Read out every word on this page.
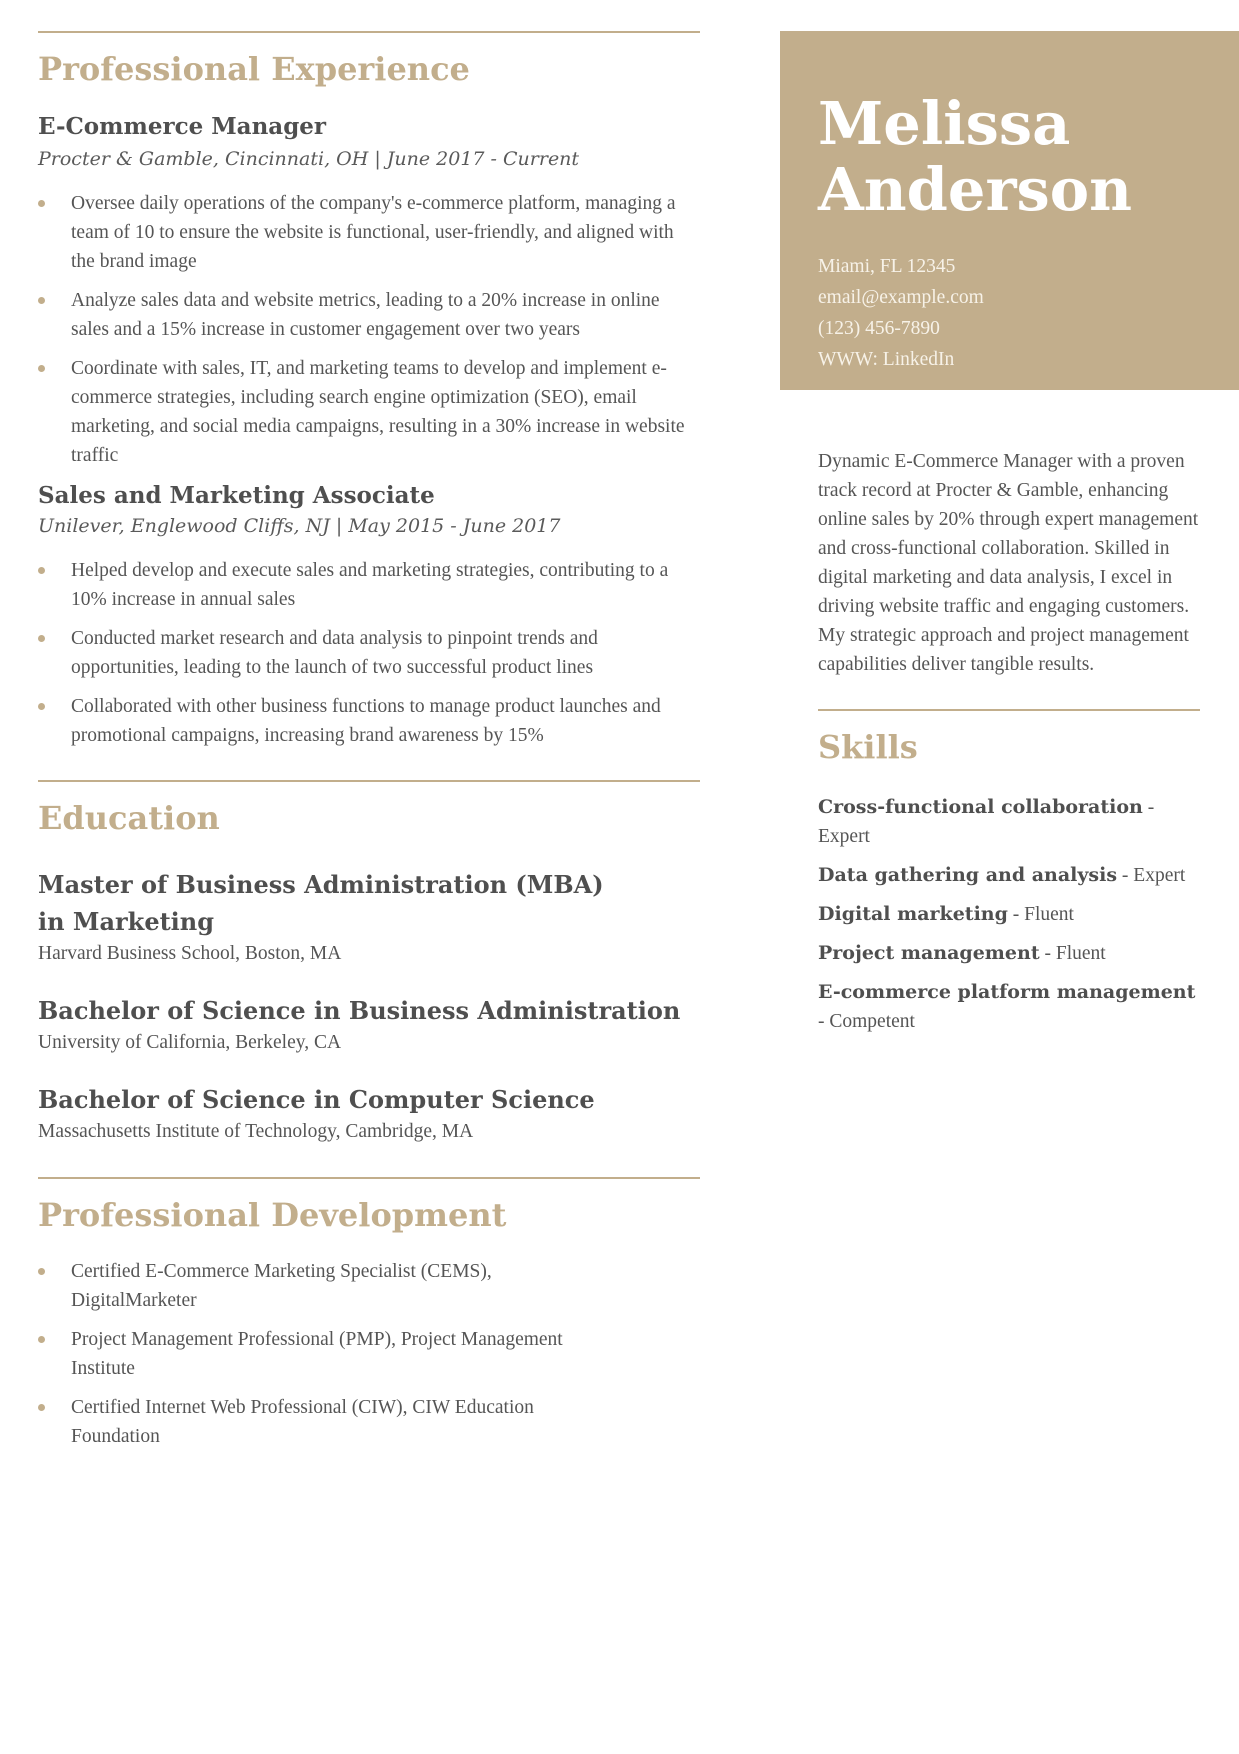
Professional Experience
E-Commerce Manager

Procter & Gamble, Cincinnati, OH | June 2017 - Current

Oversee daily operations of the company's e-commerce platform, managing a team of 10 to ensure the website is functional, user-friendly, and aligned with the brand image
Analyze sales data and website metrics, leading to a 20% increase in online sales and a 15% increase in customer engagement over two years
Coordinate with sales, IT, and marketing teams to develop and implement e-commerce strategies, including search engine optimization (SEO), email marketing, and social media campaigns, resulting in a 30% increase in website traffic
Sales and Marketing Associate

Unilever, Englewood Cliffs, NJ | May 2015 - June 2017

Helped develop and execute sales and marketing strategies, contributing to a 10% increase in annual sales
Conducted market research and data analysis to pinpoint trends and opportunities, leading to the launch of two successful product lines
Collaborated with other business functions to manage product launches and promotional campaigns, increasing brand awareness by 15%
Education

Master of Business Administration (MBA) in Marketing

Harvard Business School, Boston, MA

Bachelor of Science in Business Administration

University of California, Berkeley, CA

Bachelor of Science in Computer Science

Massachusetts Institute of Technology, Cambridge, MA

Professional Development
Certified E-Commerce Marketing Specialist (CEMS), DigitalMarketer
Project Management Professional (PMP), Project Management Institute
Certified Internet Web Professional (CIW), CIW Education Foundation

Melissa

Anderson

Miami, FL 12345
email@example.com
(123) 456-7890
WWW: LinkedIn

Dynamic E-Commerce Manager with a proven track record at Procter & Gamble, enhancing online sales by 20% through expert management and cross-functional collaboration. Skilled in digital marketing and data analysis, I excel in driving website traffic and engaging customers. My strategic approach and project management capabilities deliver tangible results.

Skills

Cross-functional collaboration - Expert

Data gathering and analysis - Expert

Digital marketing - Fluent

Project management - Fluent

E-commerce platform management - Competent
